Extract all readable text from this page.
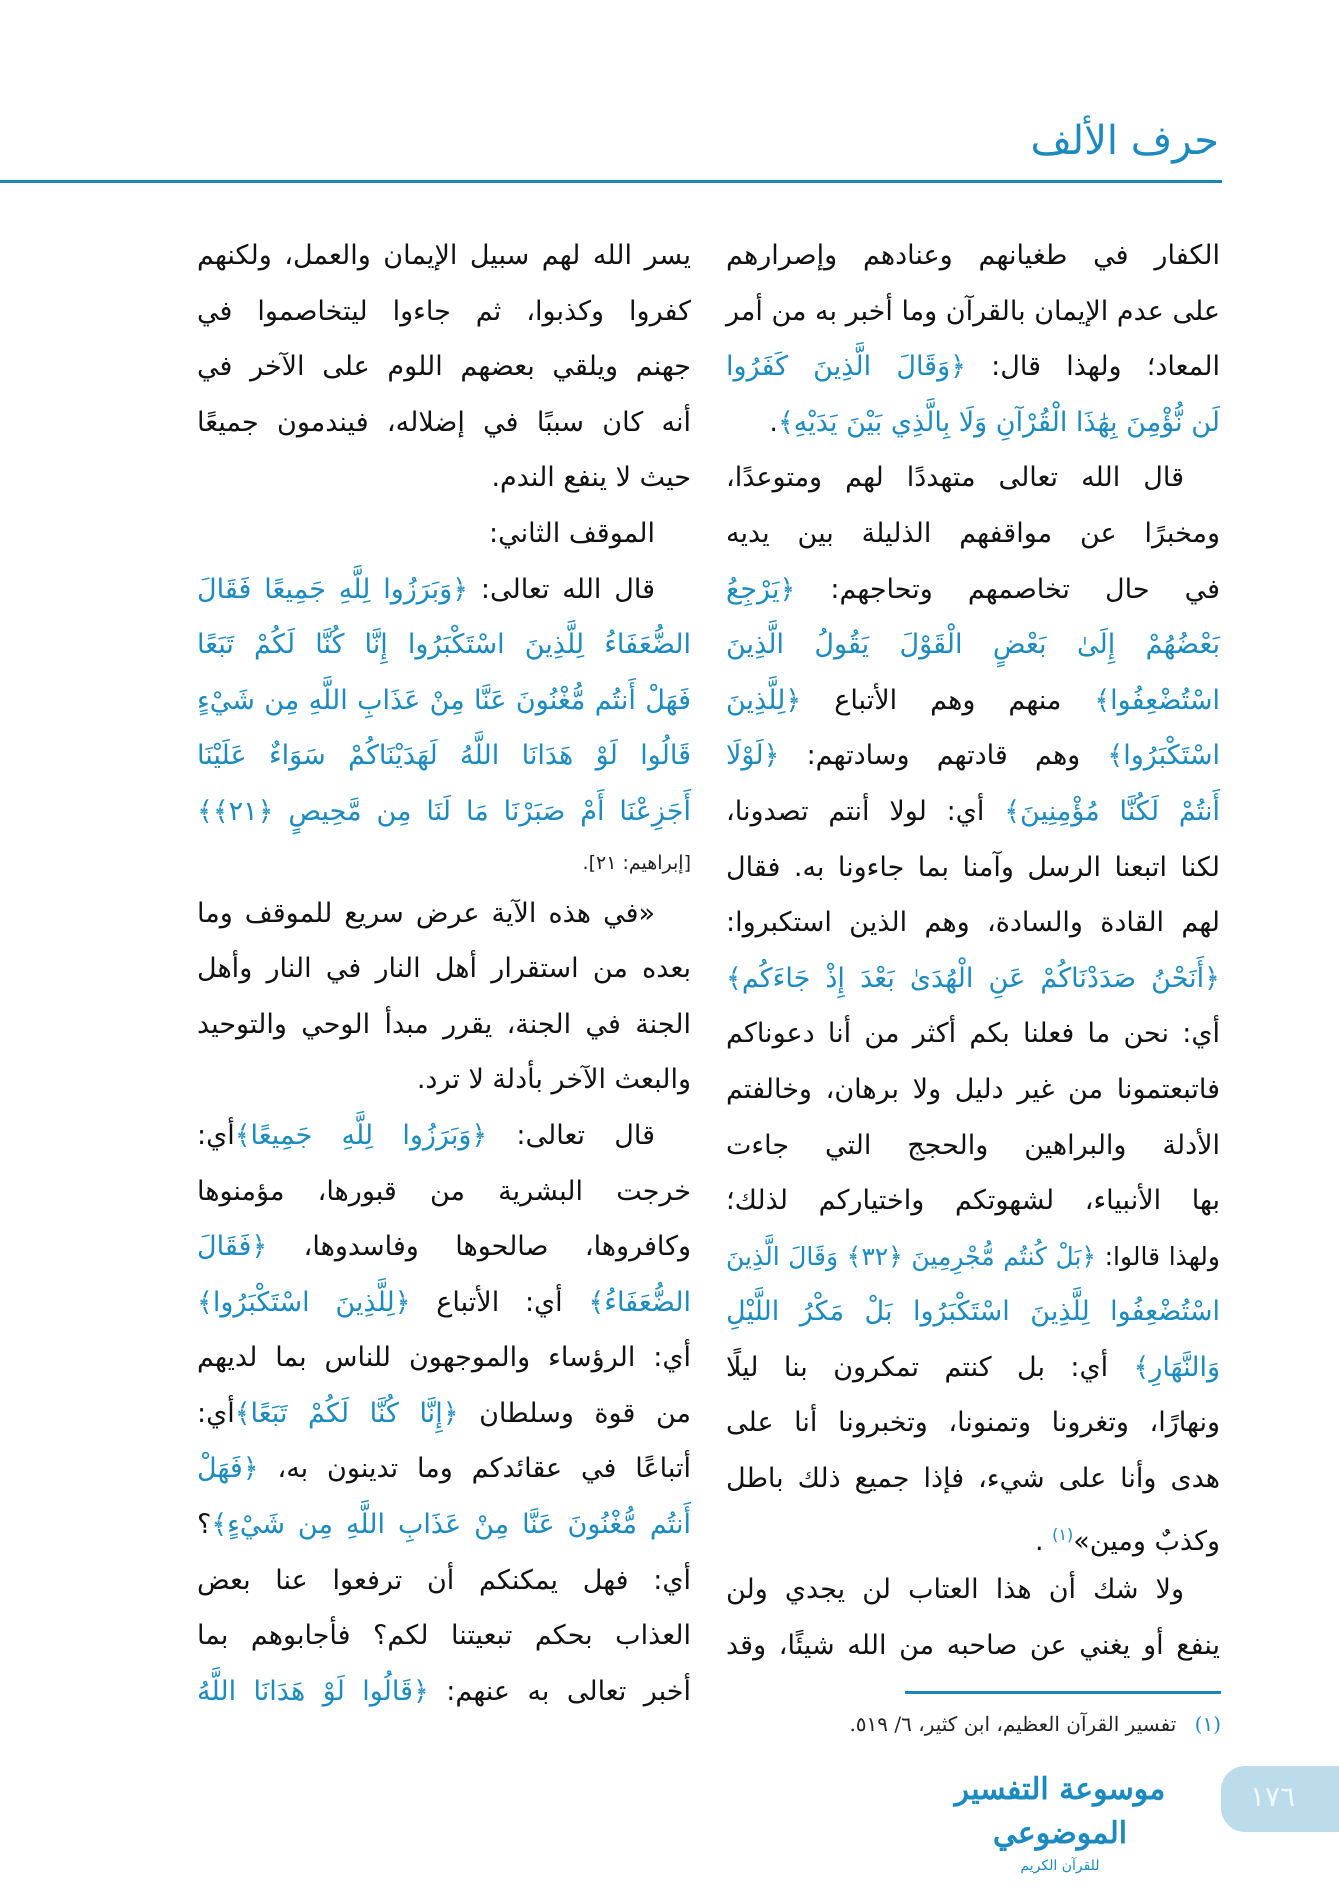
حرف الألف
الكفار في طغيانهم وعنادهم وإصرارهم
على عدم الإيمان بالقرآن وما أخبر به من أمر
المعاد؛ ولهذا قال: ﴿وَقَالَ الَّذِينَ كَفَرُوا
لَن نُّؤْمِنَ بِهَٰذَا الْقُرْآنِ وَلَا بِالَّذِي بَيْنَ يَدَيْهِ﴾.
قال الله تعالى متهددًا لهم ومتوعدًا،
ومخبرًا عن مواقفهم الذليلة بين يديه
في حال تخاصمهم وتحاجهم: ﴿يَرْجِعُ
بَعْضُهُمْ إِلَىٰ بَعْضٍ الْقَوْلَ يَقُولُ الَّذِينَ
اسْتُضْعِفُوا﴾ منهم وهم الأتباع ﴿لِلَّذِينَ
اسْتَكْبَرُوا﴾ وهم قادتهم وسادتهم: ﴿لَوْلَا
أَنتُمْ لَكُنَّا مُؤْمِنِينَ﴾ أي: لولا أنتم تصدونا،
لكنا اتبعنا الرسل وآمنا بما جاءونا به. فقال
لهم القادة والسادة، وهم الذين استكبروا:
﴿أَنَحْنُ صَدَدْنَاكُمْ عَنِ الْهُدَىٰ بَعْدَ إِذْ جَاءَكُم﴾
أي: نحن ما فعلنا بكم أكثر من أنا دعوناكم
فاتبعتمونا من غير دليل ولا برهان، وخالفتم
الأدلة والبراهين والحجج التي جاءت
بها الأنبياء، لشهوتكم واختياركم لذلك؛
ولهذا قالوا: ﴿بَلْ كُنتُم مُّجْرِمِينَ ﴿٣٢﴾ وَقَالَ الَّذِينَ
اسْتُضْعِفُوا لِلَّذِينَ اسْتَكْبَرُوا بَلْ مَكْرُ اللَّيْلِ
وَالنَّهَارِ﴾ أي: بل كنتم تمكرون بنا ليلًا
ونهارًا، وتغرونا وتمنونا، وتخبرونا أنا على
هدى وأنا على شيء، فإذا جميع ذلك باطل
وكذبٌ ومين»$^{(١)}$ .
ولا شك أن هذا العتاب لن يجدي ولن
ينفع أو يغني عن صاحبه من الله شيئًا، وقد
يسر الله لهم سبيل الإيمان والعمل، ولكنهم
كفروا وكذبوا، ثم جاءوا ليتخاصموا في
جهنم ويلقي بعضهم اللوم على الآخر في
أنه كان سببًا في إضلاله، فيندمون جميعًا
حيث لا ينفع الندم.
الموقف الثاني:
قال الله تعالى: ﴿وَبَرَزُوا لِلَّهِ جَمِيعًا فَقَالَ
الضُّعَفَاءُ لِلَّذِينَ اسْتَكْبَرُوا إِنَّا كُنَّا لَكُمْ تَبَعًا
فَهَلْ أَنتُم مُّغْنُونَ عَنَّا مِنْ عَذَابِ اللَّهِ مِن شَيْءٍ
قَالُوا لَوْ هَدَانَا اللَّهُ لَهَدَيْنَاكُمْ سَوَاءٌ عَلَيْنَا
أَجَزِعْنَا أَمْ صَبَرْنَا مَا لَنَا مِن مَّحِيصٍ ﴿٢١﴾﴾
[إبراهيم: ٢١].
«في هذه الآية عرض سريع للموقف وما
بعده من استقرار أهل النار في النار وأهل
الجنة في الجنة، يقرر مبدأ الوحي والتوحيد
والبعث الآخر بأدلة لا ترد.
قال تعالى: ﴿وَبَرَزُوا لِلَّهِ جَمِيعًا﴾أي:
خرجت البشرية من قبورها، مؤمنوها
وكافروها، صالحوها وفاسدوها، ﴿فَقَالَ
الضُّعَفَاءُ﴾ أي: الأتباع ﴿لِلَّذِينَ اسْتَكْبَرُوا﴾
أي: الرؤساء والموجهون للناس بما لديهم
من قوة وسلطان ﴿إِنَّا كُنَّا لَكُمْ تَبَعًا﴾أي:
أتباعًا في عقائدكم وما تدينون به، ﴿فَهَلْ
أَنتُم مُّغْنُونَ عَنَّا مِنْ عَذَابِ اللَّهِ مِن شَيْءٍ﴾؟
أي: فهل يمكنكم أن ترفعوا عنا بعض
العذاب بحكم تبعيتنا لكم؟ فأجابوهم بما
أخبر تعالى به عنهم: ﴿قَالُوا لَوْ هَدَانَا اللَّهُ
(١) تفسير القرآن العظيم، ابن كثير، ٦/ ٥١٩.
موسوعة التفسير الموضوعي
للقرآن الكريم
١٧٦
